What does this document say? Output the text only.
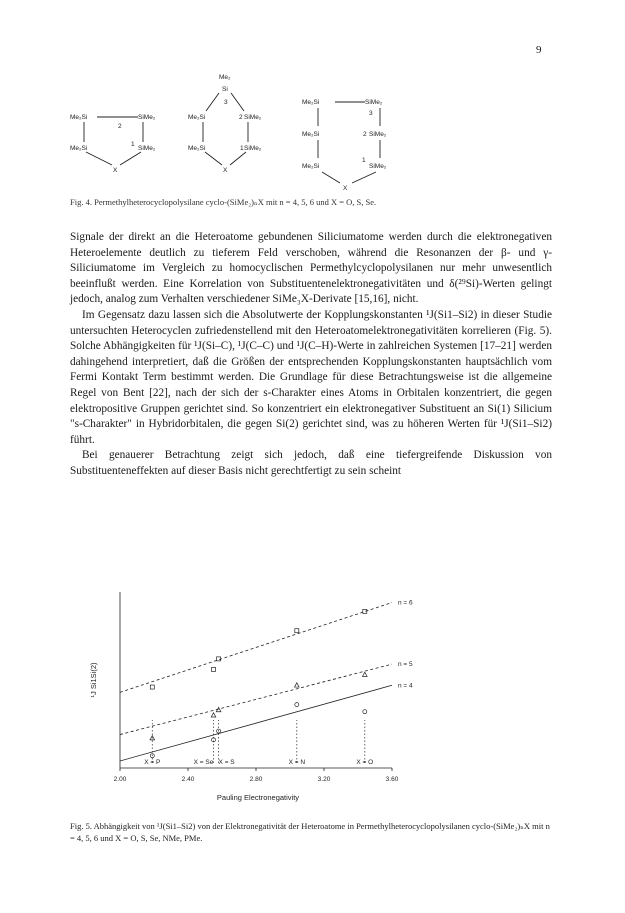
9
Me₂Si	SiMe₂
2
Me₂Si	SiMe₂
1
X
Me₂
Si
3
Me₂Si	2 SiMe₂
Me₂Si	1 SiMe₂
X
Me₂Si	SiMe₂
3
Me₂Si	2 SiMe₂
Me₂Si
1
SiMe₂
X
Fig. 4. Permethylheterocyclopolysilane cyclo-(SiMe₂)ₙX mit n = 4, 5, 6 und X = O, S, Se.

Signale der direkt an die Heteroatome gebundenen Siliciumatome werden durch die elektronegativen Heteroelemente deutlich zu tieferem Feld verschoben, während die Resonanzen der β- und γ-Siliciumatome im Vergleich zu homocyclischen Permethylcyclopolysilanen nur mehr unwesentlich beeinflußt werden. Eine Korrelation von Substituentenelektronegativitäten und δ(²⁹Si)-Werten gelingt jedoch, analog zum Verhalten verschiedener SiMe₃X-Derivate [15,16], nicht.

Im Gegensatz dazu lassen sich die Absolutwerte der Kopplungskonstanten ¹J(Si1–Si2) in dieser Studie untersuchten Heterocyclen zufriedenstellend mit den Heteroatomelektronegativitäten korrelieren (Fig. 5). Solche Abhängigkeiten für ¹J(Si–C), ¹J(C–C) und ¹J(C–H)-Werte in zahlreichen Systemen [17–21] werden dahingehend interpretiert, daß die Größen der entsprechenden Kopplungskonstanten hauptsächlich vom Fermi Kontakt Term bestimmt werden. Die Grundlage für diese Betrachtungsweise ist die allgemeine Regel von Bent [22], nach der sich der s-Charakter eines Atoms in Orbitalen konzentriert, die gegen elektropositive Gruppen gerichtet sind. So konzentriert ein elektronegativer Substituent an Si(1) Silicium "s-Charakter" in Hybridorbitalen, die gegen Si(2) gerichtet sind, was zu höheren Werten für ¹J(Si1–Si2) führt.

Bei genauerer Betrachtung zeigt sich jedoch, daß eine tiefergreifende Diskussion von Substituenteneffekten auf dieser Basis nicht gerechtfertigt zu sein scheint

¹J Si1Si(2)
Pauling Electronegativity
2.00	2.40	2.80	3.20	3.60
X = P	X = Se X = S	X = N	X = O
n = 6
n = 5
n = 4
Fig. 5. Abhängigkeit von ¹J(Si1–Si2) von der Elektronegativität der Heteroatome in Permethylheterocyclopolysilanen cyclo-(SiMe₂)ₙX mit n = 4, 5, 6 und X = O, S, Se, NMe, PMe.
